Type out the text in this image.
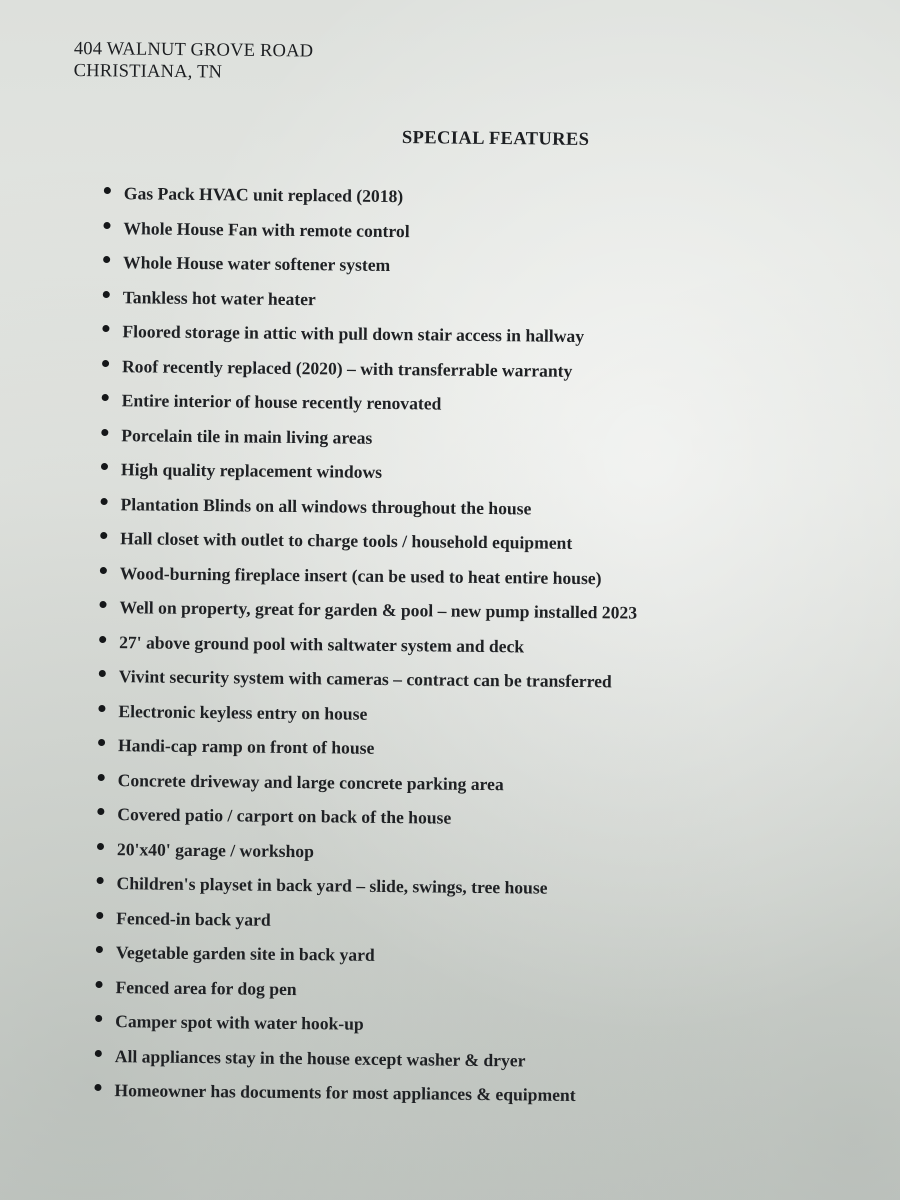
404 WALNUT GROVE ROAD
CHRISTIANA, TN
SPECIAL FEATURES
Gas Pack HVAC unit replaced (2018)
Whole House Fan with remote control
Whole House water softener system
Tankless hot water heater
Floored storage in attic with pull down stair access in hallway
Roof recently replaced (2020) – with transferrable warranty
Entire interior of house recently renovated
Porcelain tile in main living areas
High quality replacement windows
Plantation Blinds on all windows throughout the house
Hall closet with outlet to charge tools / household equipment
Wood-burning fireplace insert (can be used to heat entire house)
Well on property, great for garden & pool – new pump installed 2023
27' above ground pool with saltwater system and deck
Vivint security system with cameras – contract can be transferred
Electronic keyless entry on house
Handi-cap ramp on front of house
Concrete driveway and large concrete parking area
Covered patio / carport on back of the house
20'x40' garage / workshop
Children's playset in back yard – slide, swings, tree house
Fenced-in back yard
Vegetable garden site in back yard
Fenced area for dog pen
Camper spot with water hook-up
All appliances stay in the house except washer & dryer
Homeowner has documents for most appliances & equipment
